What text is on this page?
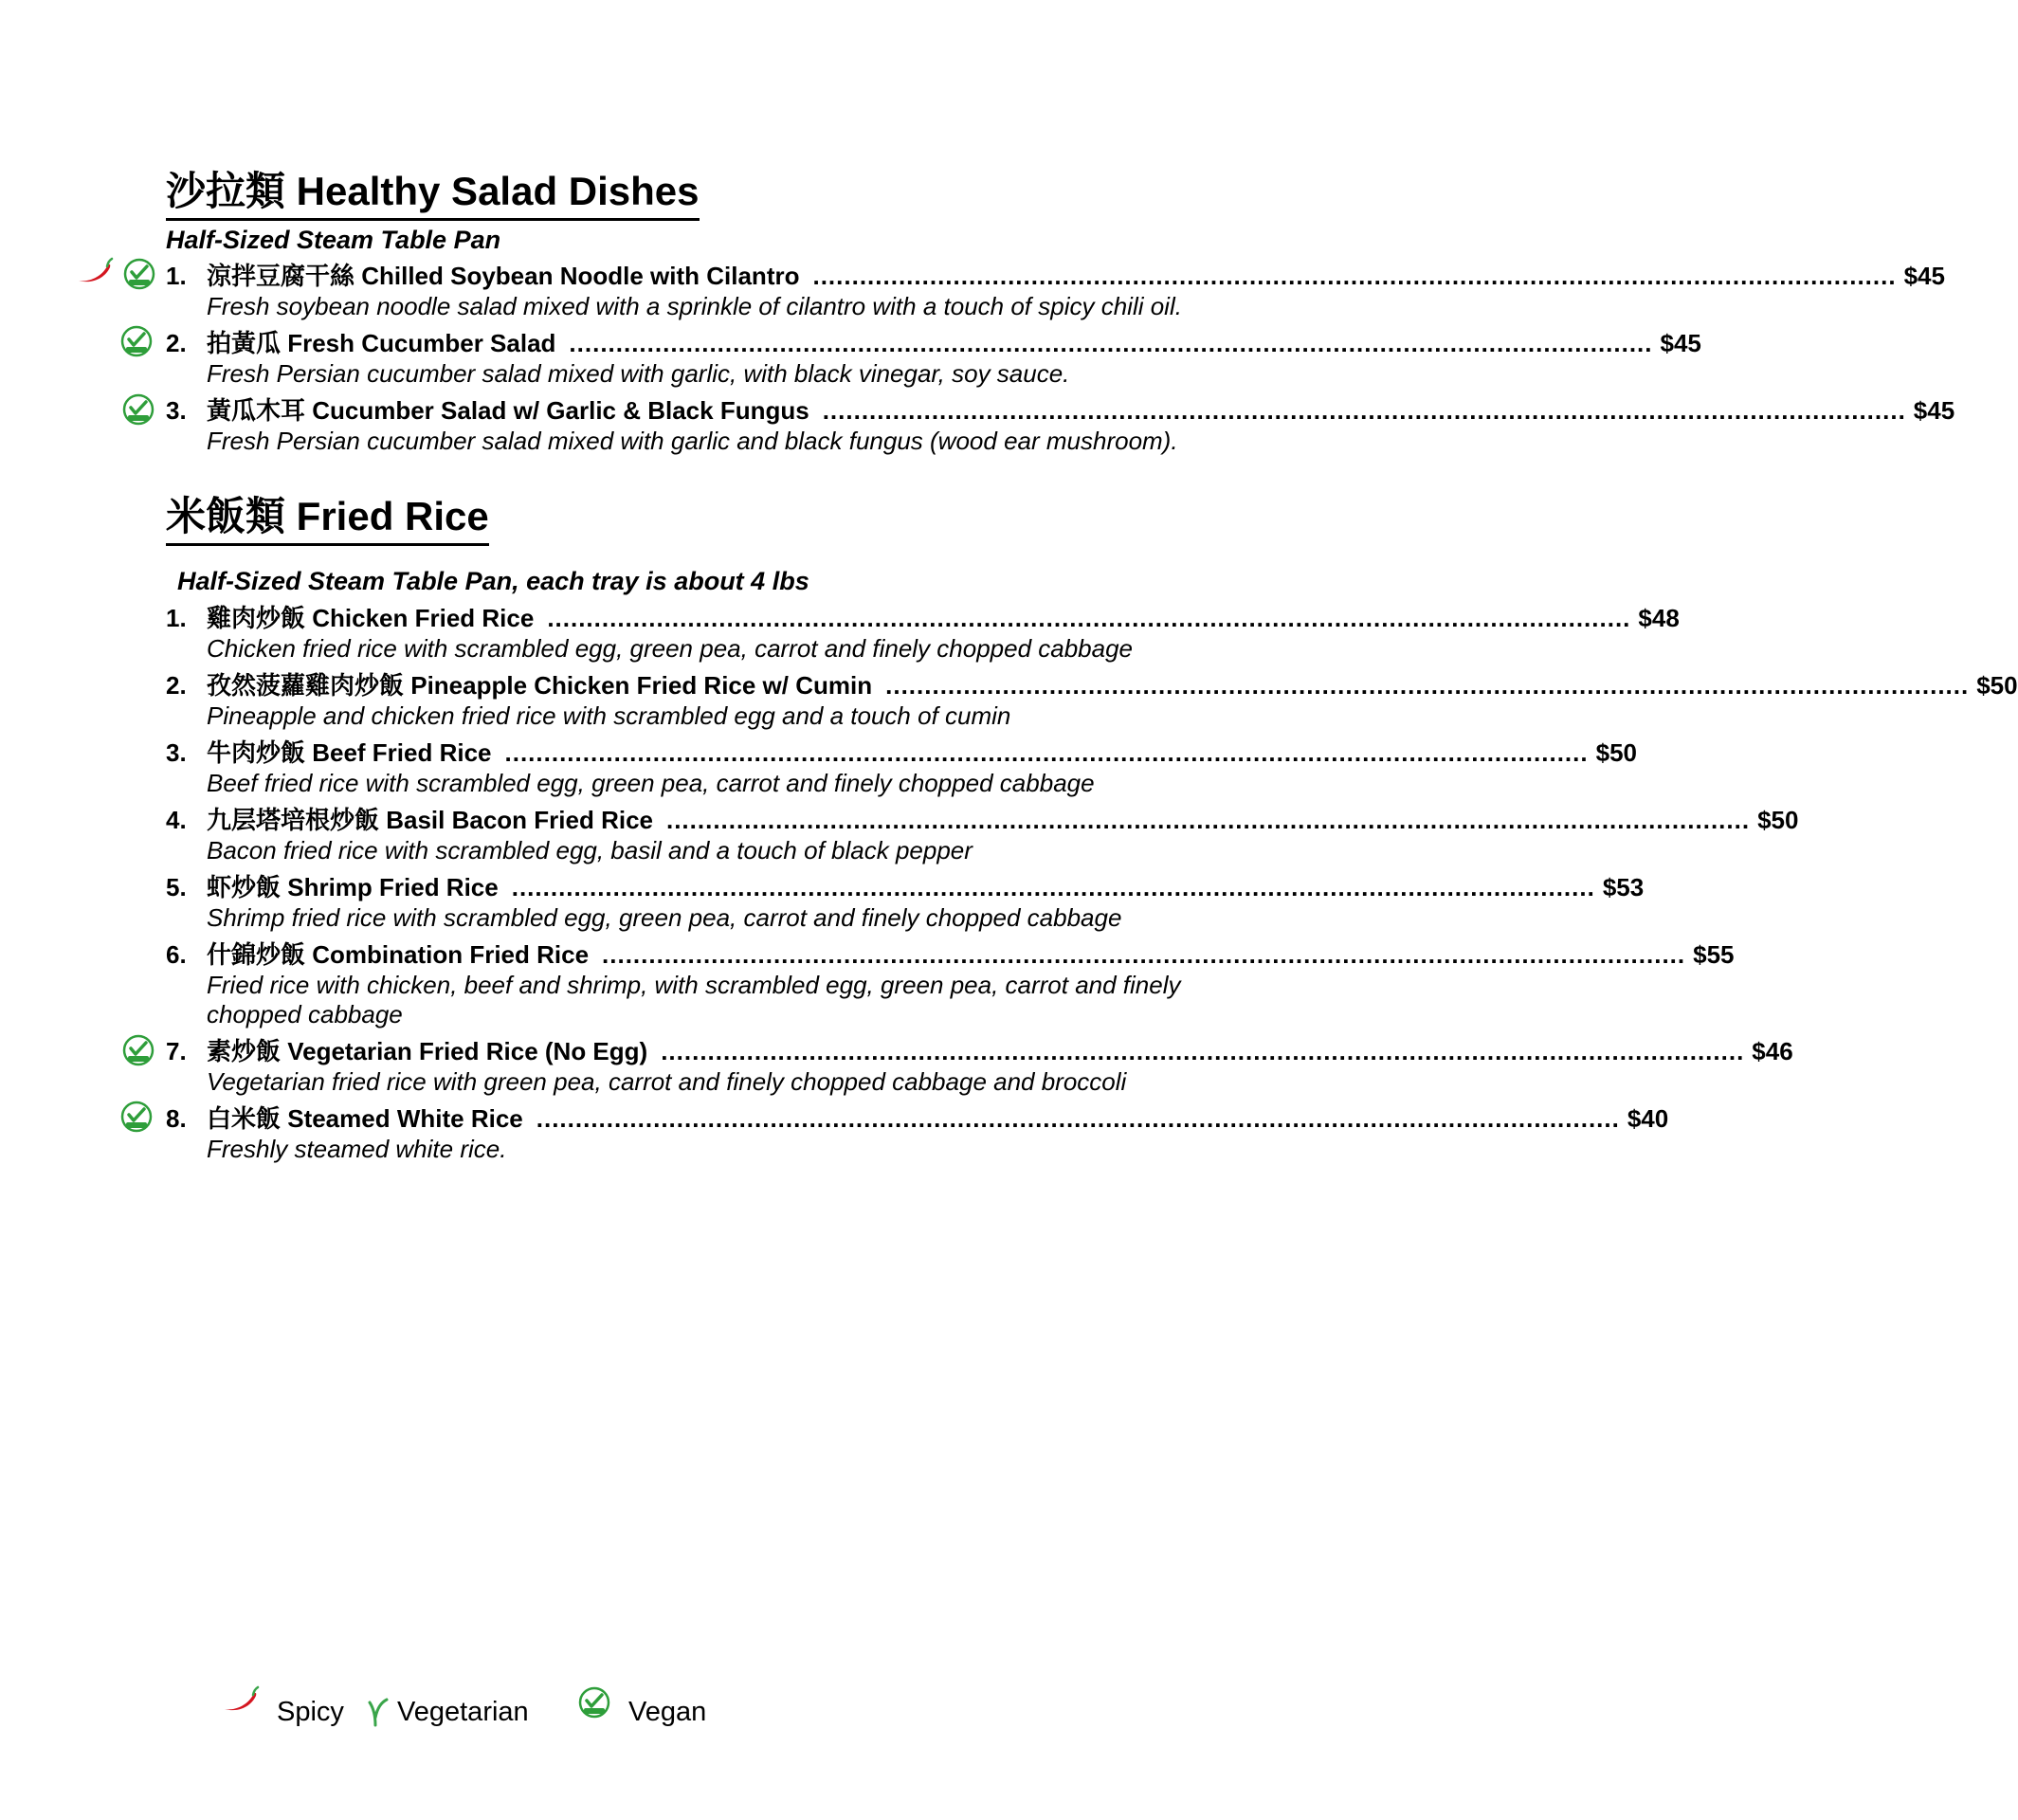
沙拉類 Healthy Salad Dishes
Half-Sized Steam Table Pan
1. 涼拌豆腐干絲 Chilled Soybean Noodle with Cilantro ........................................................................................................................................... $45
Fresh soybean noodle salad mixed with a sprinkle of cilantro with a touch of spicy chili oil.
2. 拍黃瓜 Fresh Cucumber Salad ........................................................................................................................................... $45
Fresh Persian cucumber salad mixed with garlic, with black vinegar, soy sauce.
3. 黃瓜木耳 Cucumber Salad w/ Garlic & Black Fungus ........................................................................................................................................... $45
Fresh Persian cucumber salad mixed with garlic and black fungus (wood ear mushroom).
米飯類 Fried Rice
Half-Sized Steam Table Pan, each tray is about 4 lbs
1. 雞肉炒飯 Chicken Fried Rice ........................................................................................................................................... $48
Chicken fried rice with scrambled egg, green pea, carrot and finely chopped cabbage
2. 孜然菠蘿雞肉炒飯 Pineapple Chicken Fried Rice w/ Cumin ........................................................................................................................................... $50
Pineapple and chicken fried rice with scrambled egg and a touch of cumin
3. 牛肉炒飯 Beef Fried Rice ........................................................................................................................................... $50
Beef fried rice with scrambled egg, green pea, carrot and finely chopped cabbage
4. 九层塔培根炒飯 Basil Bacon Fried Rice ........................................................................................................................................... $50
Bacon fried rice with scrambled egg, basil and a touch of black pepper
5. 虾炒飯 Shrimp Fried Rice ........................................................................................................................................... $53
Shrimp fried rice with scrambled egg, green pea, carrot and finely chopped cabbage
6. 什錦炒飯 Combination Fried Rice ........................................................................................................................................... $55
Fried rice with chicken, beef and shrimp, with scrambled egg, green pea, carrot and finely chopped cabbage
7. 素炒飯 Vegetarian Fried Rice (No Egg) ........................................................................................................................................... $46
Vegetarian fried rice with green pea, carrot and finely chopped cabbage and broccoli
8. 白米飯 Steamed White Rice ........................................................................................................................................... $40
Freshly steamed white rice.
Spicy Vegetarian	Vegan
